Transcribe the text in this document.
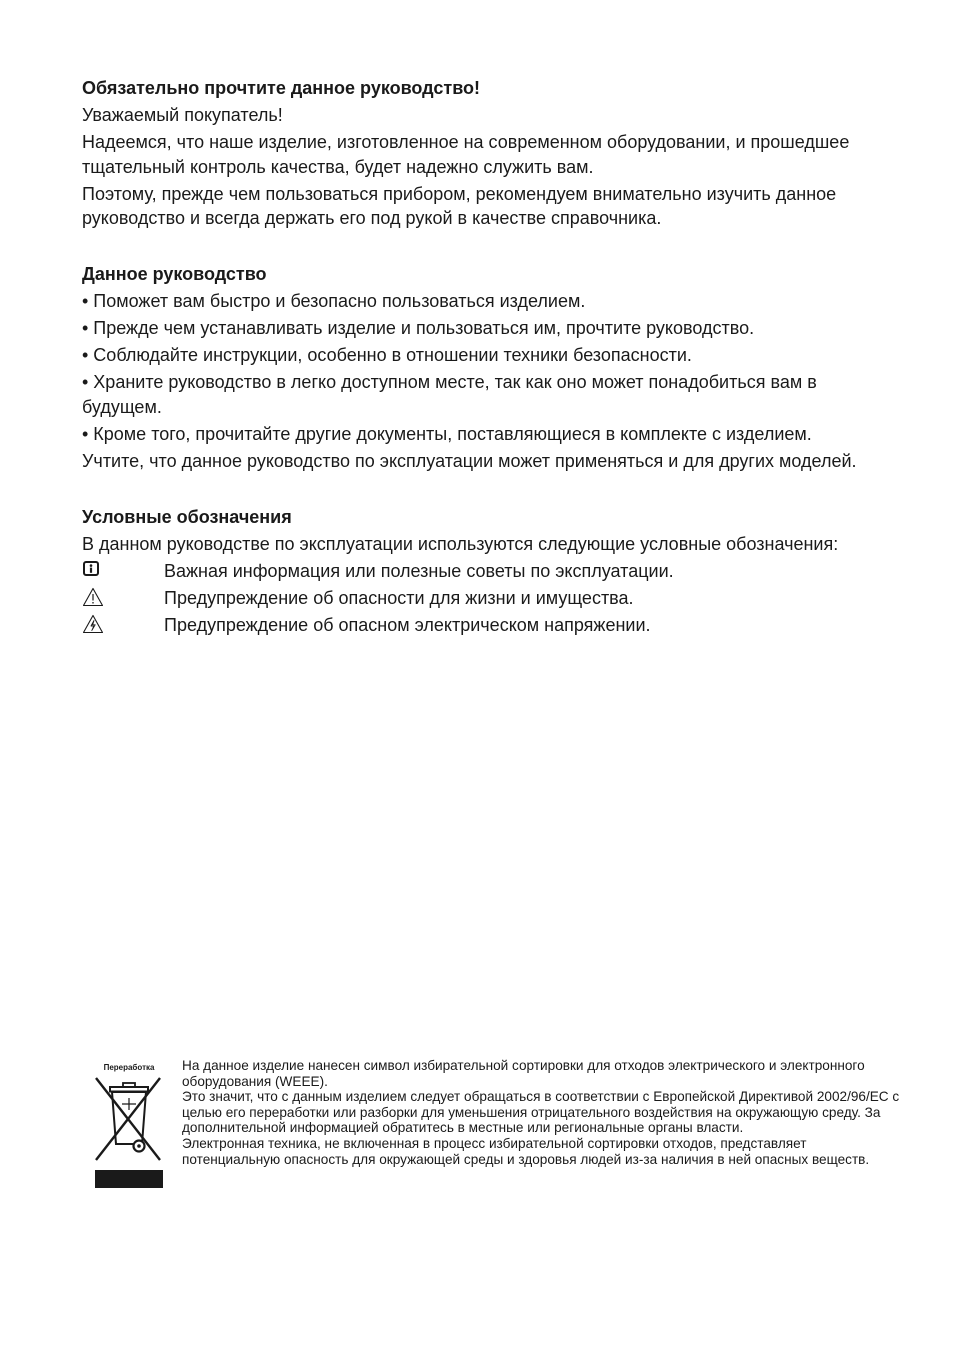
Обязательно прочтите данное руководство!

Уважаемый покупатель!

Надеемся, что наше изделие, изготовленное на современном оборудовании, и прошедшее тщательный контроль качества, будет надежно служить вам.

Поэтому, прежде чем пользоваться прибором, рекомендуем внимательно изучить данное руководство и всегда держать его под рукой в качестве справочника.

Данное руководство

• Поможет вам быстро и безопасно пользоваться изделием.

• Прежде чем устанавливать изделие и пользоваться им, прочтите руководство.

• Соблюдайте инструкции, особенно в отношении техники безопасности.

• Храните руководство в легко доступном месте, так как оно может понадобиться вам в будущем.

• Кроме того, прочитайте другие документы, поставляющиеся в комплекте с изделием.

Учтите, что данное руководство по эксплуатации может применяться и для других моделей.

Условные обозначения

В данном руководстве по эксплуатации используются следующие условные обозначения:

Важная информация или полезные советы по эксплуатации.
Предупреждение об опасности для жизни и имущества.
Предупреждение об опасном электрическом напряжении.
Переработка	На данное изделие нанесен символ избирательной сортировки для отходов электрического и электронного оборудования (WEEE).

Это значит, что с данным изделием следует обращаться в соответствии с Европейской Директивой 2002/96/ЕС с целью его переработки или разборки для уменьшения отрицательного воздействия на окружающую среду. За дополнительной информацией обратитесь в местные или региональные органы власти.

Электронная техника, не включенная в процесс избирательной сортировки отходов, представляет потенциальную опасность для окружающей среды и здоровья людей из-за наличия в ней опасных веществ.
